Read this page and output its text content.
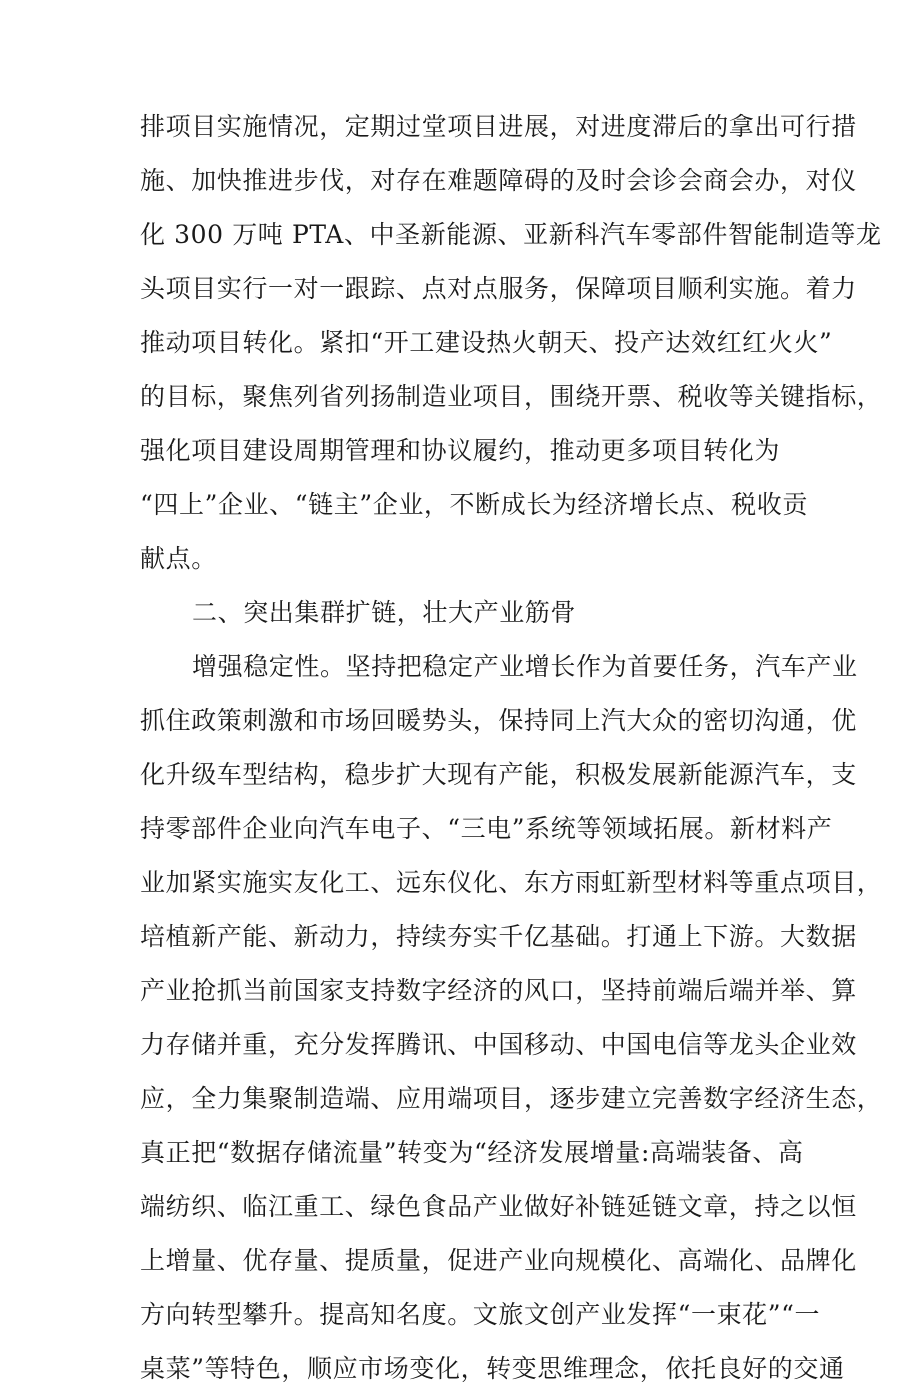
排项目实施情况，定期过堂项目进展，对进度滞后的拿出可行措
施、加快推进步伐，对存在难题障碍的及时会诊会商会办，对仪
化 300 万吨 PTA、中圣新能源、亚新科汽车零部件智能制造等龙
头项目实行一对一跟踪、点对点服务，保障项目顺利实施。着力
推动项目转化。紧扣“开工建设热火朝天、投产达效红红火火”
的目标，聚焦列省列扬制造业项目，围绕开票、税收等关键指标，
强化项目建设周期管理和协议履约，推动更多项目转化为
“四上”企业、“链主”企业，不断成长为经济增长点、税收贡
献点。
二、突出集群扩链，壮大产业筋骨
增强稳定性。坚持把稳定产业增长作为首要任务，汽车产业
抓住政策刺激和市场回暖势头，保持同上汽大众的密切沟通，优
化升级车型结构，稳步扩大现有产能，积极发展新能源汽车，支
持零部件企业向汽车电子、“三电”系统等领域拓展。新材料产
业加紧实施实友化工、远东仪化、东方雨虹新型材料等重点项目，
培植新产能、新动力，持续夯实千亿基础。打通上下游。大数据
产业抢抓当前国家支持数字经济的风口，坚持前端后端并举、算
力存储并重，充分发挥腾讯、中国移动、中国电信等龙头企业效
应，全力集聚制造端、应用端项目，逐步建立完善数字经济生态，
真正把“数据存储流量”转变为“经济发展增量:高端装备、高
端纺织、临江重工、绿色食品产业做好补链延链文章，持之以恒
上增量、优存量、提质量，促进产业向规模化、高端化、品牌化
方向转型攀升。提高知名度。文旅文创产业发挥“一束花”“一
桌菜”等特色，顺应市场变化，转变思维理念，依托良好的交通
